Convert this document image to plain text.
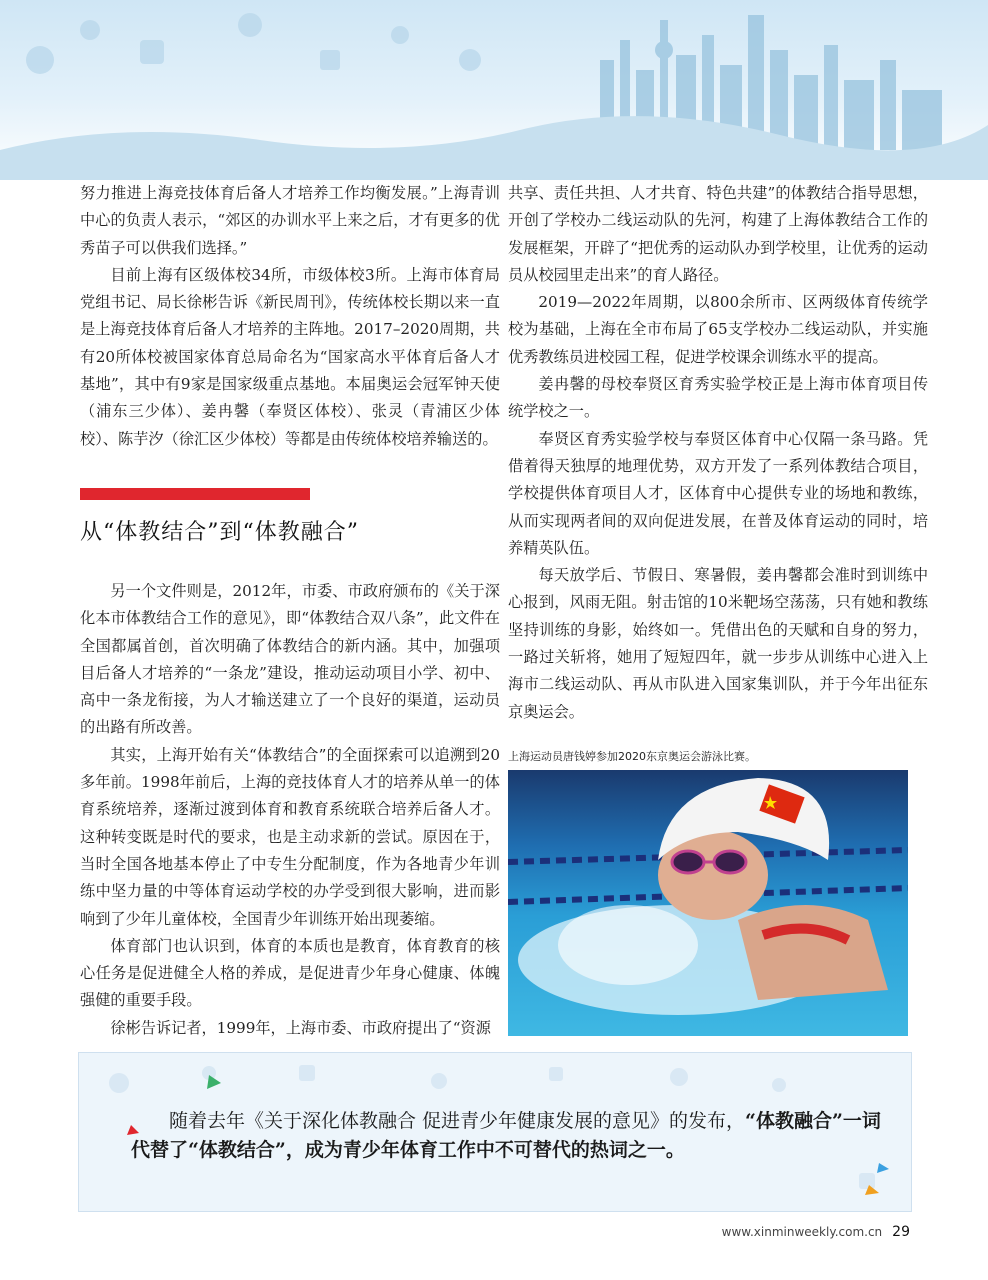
努力推进上海竞技体育后备人才培养工作均衡发展。”上海青训中心的负责人表示，“郊区的办训水平上来之后，才有更多的优秀苗子可以供我们选择。”

目前上海有区级体校34所，市级体校3所。上海市体育局党组书记、局长徐彬告诉《新民周刊》，传统体校长期以来一直是上海竞技体育后备人才培养的主阵地。2017–2020周期，共有20所体校被国家体育总局命名为“国家高水平体育后备人才基地”，其中有9家是国家级重点基地。本届奥运会冠军钟天使（浦东三少体）、姜冉馨（奉贤区体校）、张灵（青浦区少体校）、陈芋汐（徐汇区少体校）等都是由传统体校培养输送的。

从“体教结合”到“体教融合”

另一个文件则是，2012年，市委、市政府颁布的《关于深化本市体教结合工作的意见》，即“体教结合双八条”，此文件在全国都属首创，首次明确了体教结合的新内涵。其中，加强项目后备人才培养的“一条龙”建设，推动运动项目小学、初中、高中一条龙衔接，为人才输送建立了一个良好的渠道，运动员的出路有所改善。

其实，上海开始有关“体教结合”的全面探索可以追溯到20多年前。1998年前后，上海的竞技体育人才的培养从单一的体育系统培养，逐渐过渡到体育和教育系统联合培养后备人才。这种转变既是时代的要求，也是主动求新的尝试。原因在于，当时全国各地基本停止了中专生分配制度，作为各地青少年训练中坚力量的中等体育运动学校的办学受到很大影响，进而影响到了少年儿童体校，全国青少年训练开始出现萎缩。

体育部门也认识到，体育的本质也是教育，体育教育的核心任务是促进健全人格的养成，是促进青少年身心健康、体魄强健的重要手段。

徐彬告诉记者，1999年，上海市委、市政府提出了“资源

共享、责任共担、人才共育、特色共建”的体教结合指导思想，开创了学校办二线运动队的先河，构建了上海体教结合工作的发展框架，开辟了“把优秀的运动队办到学校里，让优秀的运动员从校园里走出来”的育人路径。

2019—2022年周期，以800余所市、区两级体育传统学校为基础，上海在全市布局了65支学校办二线运动队，并实施优秀教练员进校园工程，促进学校课余训练水平的提高。

姜冉馨的母校奉贤区育秀实验学校正是上海市体育项目传统学校之一。

奉贤区育秀实验学校与奉贤区体育中心仅隔一条马路。凭借着得天独厚的地理优势，双方开发了一系列体教结合项目，学校提供体育项目人才，区体育中心提供专业的场地和教练，从而实现两者间的双向促进发展，在普及体育运动的同时，培养精英队伍。

每天放学后、节假日、寒暑假，姜冉馨都会准时到训练中心报到，风雨无阻。射击馆的10米靶场空荡荡，只有她和教练坚持训练的身影，始终如一。凭借出色的天赋和自身的努力，一路过关斩将，她用了短短四年，就一步步从训练中心进入上海市二线运动队、再从市队进入国家集训队，并于今年出征东京奥运会。

上海运动员唐钱婷参加2020东京奥运会游泳比赛。
随着去年《关于深化体教融合 促进青少年健康发展的意见》的发布，“体教融合”一词代替了“体教结合”，成为青少年体育工作中不可替代的热词之一。
www.xinminweekly.com.cn 29
